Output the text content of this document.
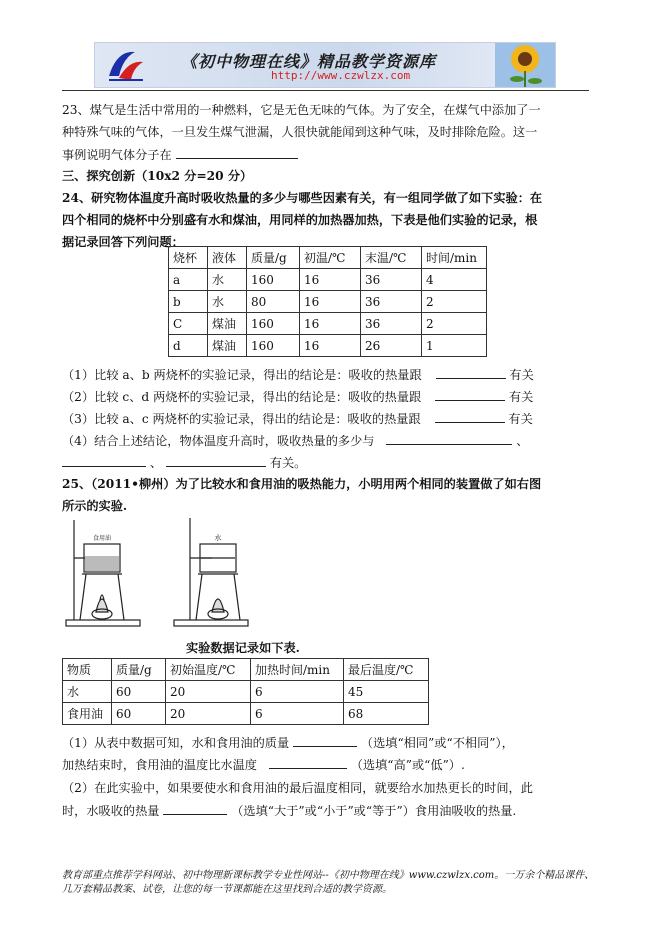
《初中物理在线》精品教学资源库
http://www.czwlzx.com
23、煤气是生活中常用的一种燃料，它是无色无味的气体。为了安全，在煤气中添加了一
种特殊气味的气体，一旦发生煤气泄漏，人很快就能闻到这种气味，及时排除危险。这一
事例说明气体分子在
三、探究创新（10x2 分=20 分）
24、研究物体温度升高时吸收热量的多少与哪些因素有关，有一组同学做了如下实验：在
四个相同的烧杯中分别盛有水和煤油，用同样的加热器加热，下表是他们实验的记录，根
据记录回答下列问题：
烧杯	液体	质量/g	初温/℃	末温/℃	时间/min
a	水	160	16	36	4
b	水	80	16	36	2
C	煤油	160	16	36	2
d	煤油	160	16	26	1
（1）比较 a、b 两烧杯的实验记录，得出的结论是：吸收的热量跟	有关
（2）比较 c、d 两烧杯的实验记录，得出的结论是：吸收的热量跟	有关
（3）比较 a、c 两烧杯的实验记录，得出的结论是：吸收的热量跟	有关
（4）结合上述结论，物体温度升高时，吸收热量的多少与	、
、	有关。
25、（2011•柳州）为了比较水和食用油的吸热能力，小明用两个相同的装置做了如右图
所示的实验.
食用油	水
实验数据记录如下表.
物质	质量/g	初始温度/℃	加热时间/min	最后温度/℃
水	60	20	6	45
食用油	60	20	6	68
（1）从表中数据可知，水和食用油的质量	（选填“相同”或“不相同”），
加热结束时，食用油的温度比水温度	（选填“高”或“低”）.
（2）在此实验中，如果要使水和食用油的最后温度相同，就要给水加热更长的时间，此
时，水吸收的热量	（选填“大于”或“小于”或“等于”）食用油吸收的热量.
教育部重点推荐学科网站、初中物理新课标教学专业性网站--《初中物理在线》www.czwlzx.com。一万余个精品课件、
几万套精品教案、试卷，让您的每一节课都能在这里找到合适的教学资源。
